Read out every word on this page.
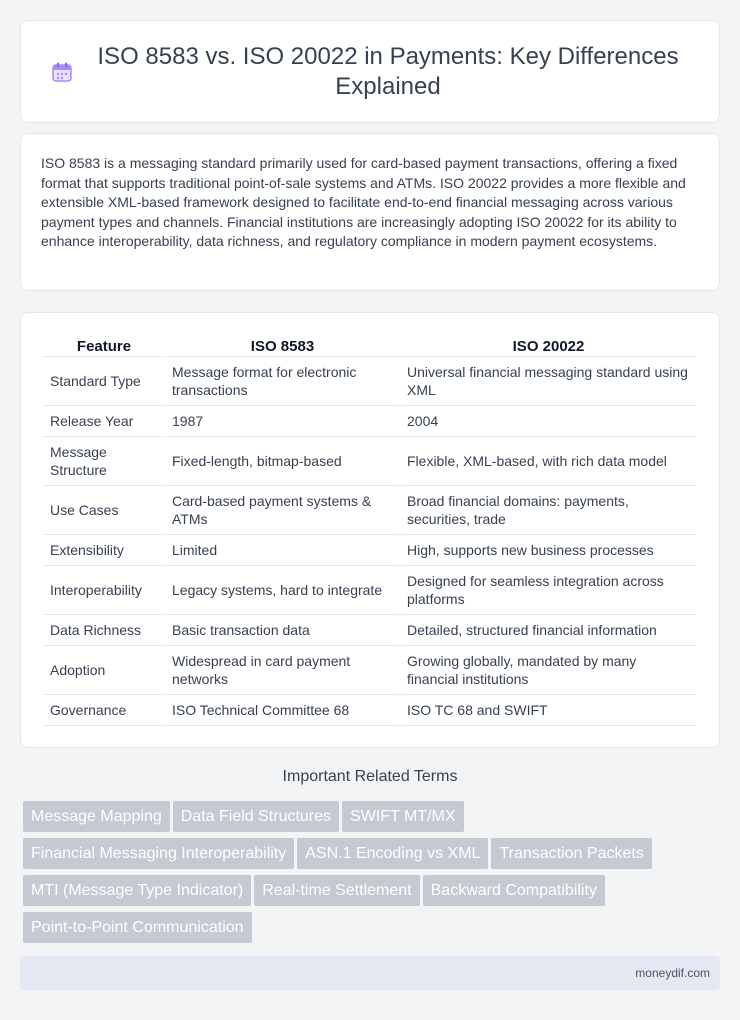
ISO 8583 vs. ISO 20022 in Payments: Key Differences Explained

ISO 8583 is a messaging standard primarily used for card-based payment transactions, offering a fixed format that supports traditional point-of-sale systems and ATMs. ISO 20022 provides a more flexible and extensible XML-based framework designed to facilitate end-to-end financial messaging across various payment types and channels. Financial institutions are increasingly adopting ISO 20022 for its ability to enhance interoperability, data richness, and regulatory compliance in modern payment ecosystems.

Feature	ISO 8583	ISO 20022
Standard Type	Message format for electronic transactions	Universal financial messaging standard using XML
Release Year	1987	2004
Message Structure	Fixed-length, bitmap-based	Flexible, XML-based, with rich data model
Use Cases	Card-based payment systems & ATMs	Broad financial domains: payments, securities, trade
Extensibility	Limited	High, supports new business processes
Interoperability	Legacy systems, hard to integrate	Designed for seamless integration across platforms
Data Richness	Basic transaction data	Detailed, structured financial information
Adoption	Widespread in card payment networks	Growing globally, mandated by many financial institutions
Governance	ISO Technical Committee 68	ISO TC 68 and SWIFT
Important Related Terms
Message Mapping Data Field Structures SWIFT MT/MX
Financial Messaging Interoperability ASN.1 Encoding vs XML Transaction Packets
MTI (Message Type Indicator) Real-time Settlement Backward Compatibility
Point-to-Point Communication
moneydif.com
